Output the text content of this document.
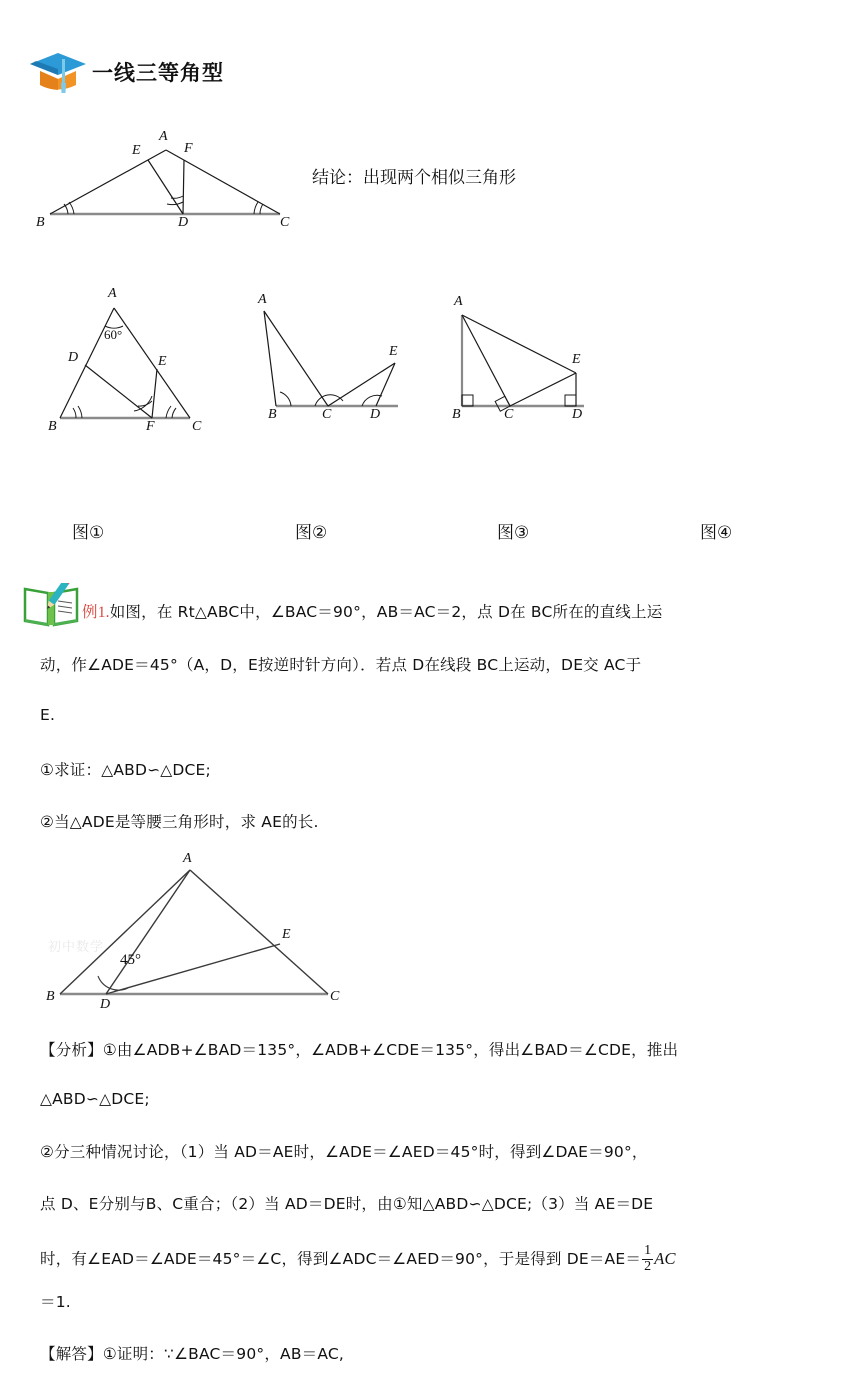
一线三等角型
A
E	F
B	D	C
结论：出现两个相似三角形
A
D	E
B	F	C
60°
A
E
B	C	D
A
E
B	C	D
图①	图②	图③	图④
例1.如图，在 Rt△ABC中，∠BAC＝90°，AB＝AC＝2，点 D在 BC所在的直线上运
动，作∠ADE＝45°（A，D，E按逆时针方向）．若点 D在线段 BC上运动，DE交 AC于
E.
①求证：△ABD∽△DCE;
②当△ADE是等腰三角形时，求 AE的长.
A
E
B
D
C
45°
初中数学
【分析】①由∠ADB+∠BAD＝135°，∠ADB+∠CDE＝135°，得出∠BAD＝∠CDE，推出
△ABD∽△DCE;
②分三种情况讨论，（1）当 AD＝AE时，∠ADE＝∠AED＝45°时，得到∠DAE＝90°，
点 D、E分别与B、C重合；（2）当 AD＝DE时，由①知△ABD∽△DCE;（3）当 AE＝DE
时，有∠EAD＝∠ADE＝45°＝∠C，得到∠ADC＝∠AED＝90°，于是得到 $DE=AE= \frac{1}{2}$ AC
＝1.
【解答】①证明：∵∠BAC＝90°，AB＝AC,
